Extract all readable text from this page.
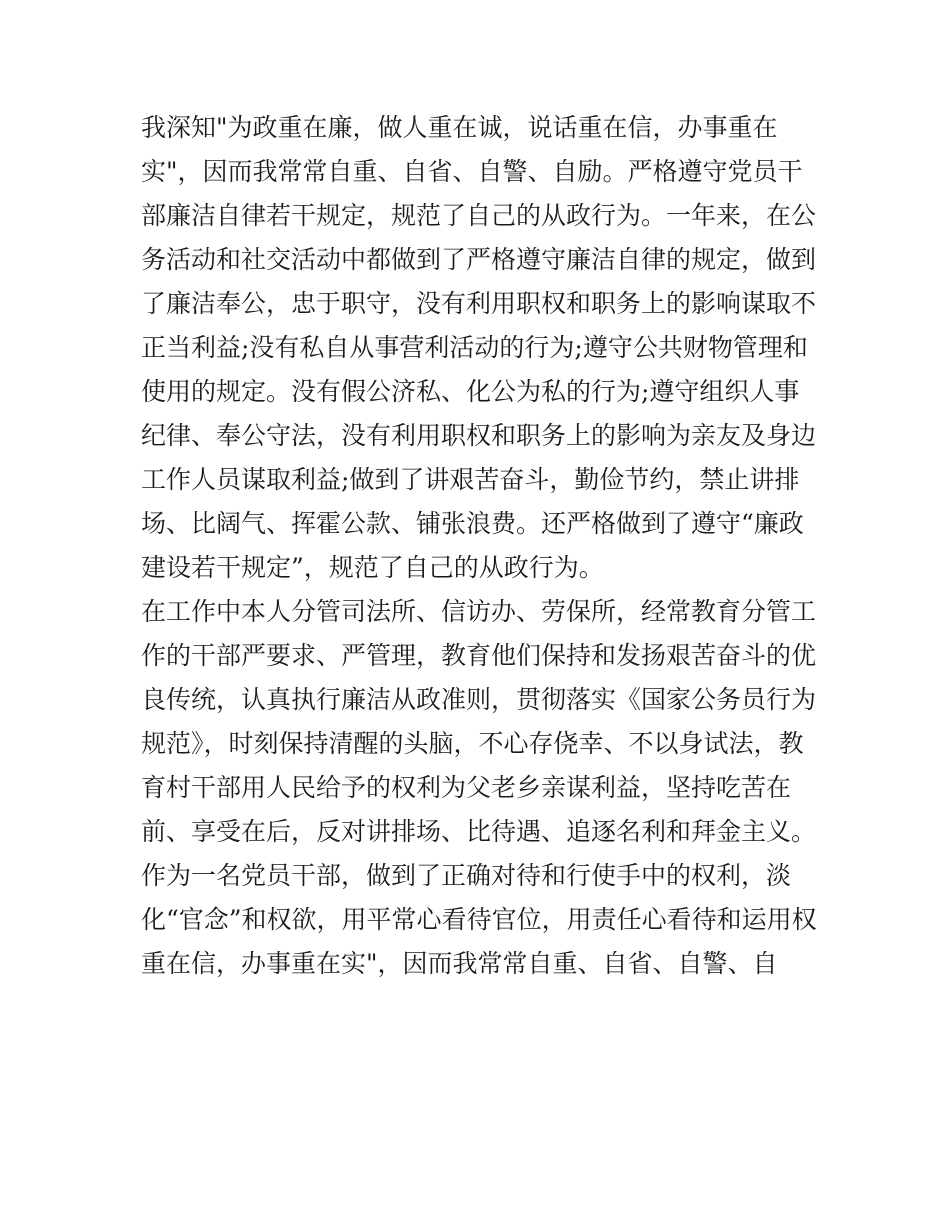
我深知"为政重在廉，做人重在诚，说话重在信，办事重在
实"，因而我常常自重、自省、自警、自励。严格遵守党员干
部廉洁自律若干规定，规范了自己的从政行为。一年来，在公
务活动和社交活动中都做到了严格遵守廉洁自律的规定，做到
了廉洁奉公，忠于职守，没有利用职权和职务上的影响谋取不
正当利益;没有私自从事营利活动的行为;遵守公共财物管理和
使用的规定。没有假公济私、化公为私的行为;遵守组织人事
纪律、奉公守法，没有利用职权和职务上的影响为亲友及身边
工作人员谋取利益;做到了讲艰苦奋斗，勤俭节约，禁止讲排
场、比阔气、挥霍公款、铺张浪费。还严格做到了遵守“廉政
建设若干规定”，规范了自己的从政行为。
在工作中本人分管司法所、信访办、劳保所，经常教育分管工
作的干部严要求、严管理，教育他们保持和发扬艰苦奋斗的优
良传统，认真执行廉洁从政准则，贯彻落实《国家公务员行为
规范》，时刻保持清醒的头脑，不心存侥幸、不以身试法，教
育村干部用人民给予的权利为父老乡亲谋利益，坚持吃苦在
前、享受在后，反对讲排场、比待遇、追逐名利和拜金主义。
作为一名党员干部，做到了正确对待和行使手中的权利，淡
化“官念”和权欲，用平常心看待官位，用责任心看待和运用权
重在信，办事重在实"，因而我常常自重、自省、自警、自
